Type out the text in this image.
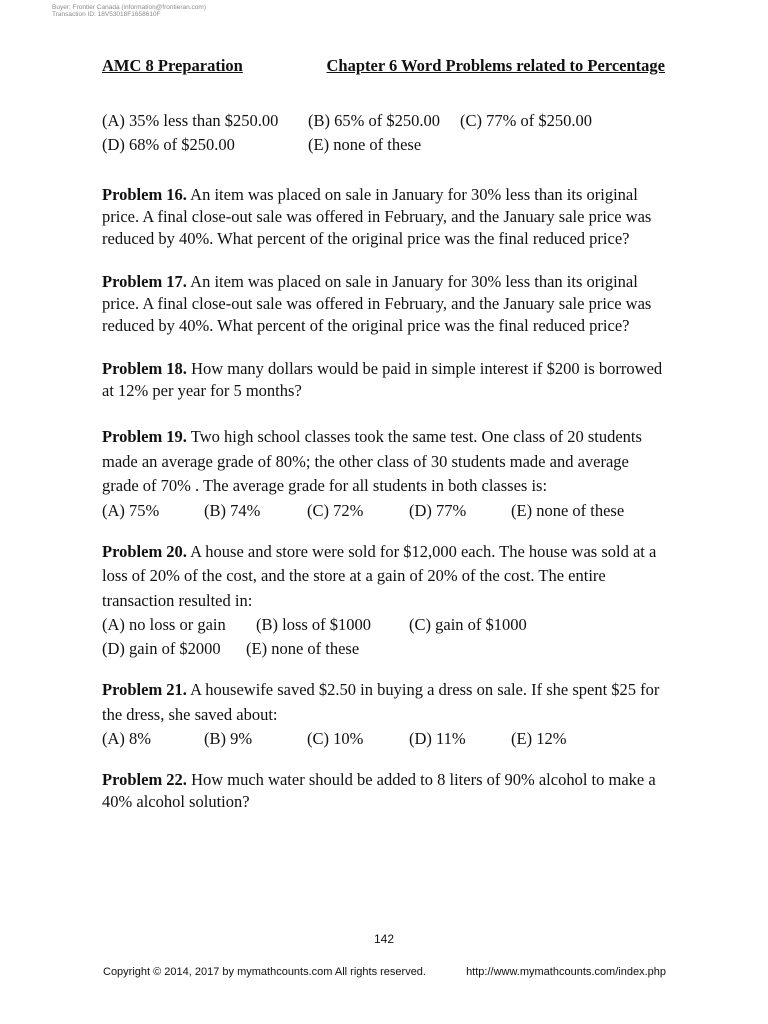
Buyer: Frontier Canada (information@frontieran.com)
Transaction ID: 18V53018F1658610F
AMC 8 Preparation	Chapter 6 Word Problems related to Percentage
(A) 35% less than $250.00 (B) 65% of $250.00 (C) 77% of $250.00
(D) 68% of $250.00	(E) none of these

Problem 16. An item was placed on sale in January for 30% less than its original price. A final close-out sale was offered in February, and the January sale price was reduced by 40%. What percent of the original price was the final reduced price?

Problem 17. An item was placed on sale in January for 30% less than its original price. A final close-out sale was offered in February, and the January sale price was reduced by 40%. What percent of the original price was the final reduced price?

Problem 18. How many dollars would be paid in simple interest if $200 is borrowed at 12% per year for 5 months?

Problem 19. Two high school classes took the same test. One class of 20 students made an average grade of 80%; the other class of 30 students made and average grade of 70% . The average grade for all students in both classes is:

(A) 75%	(B) 74%	(C) 72%	(D) 77%	(E) none of these

Problem 20. A house and store were sold for $12,000 each. The house was sold at a loss of 20% of the cost, and the store at a gain of 20% of the cost. The entire transaction resulted in:

(A) no loss or gain (B) loss of $1000 (C) gain of $1000
(D) gain of $2000 (E) none of these

Problem 21. A housewife saved $2.50 in buying a dress on sale. If she spent $25 for the dress, she saved about:

(A) 8%	(B) 9%	(C) 10%	(D) 11%	(E) 12%

Problem 22. How much water should be added to 8 liters of 90% alcohol to make a 40% alcohol solution?

142
Copyright © 2014, 2017 by mymathcounts.com All rights reserved.	http://www.mymathcounts.com/index.php
